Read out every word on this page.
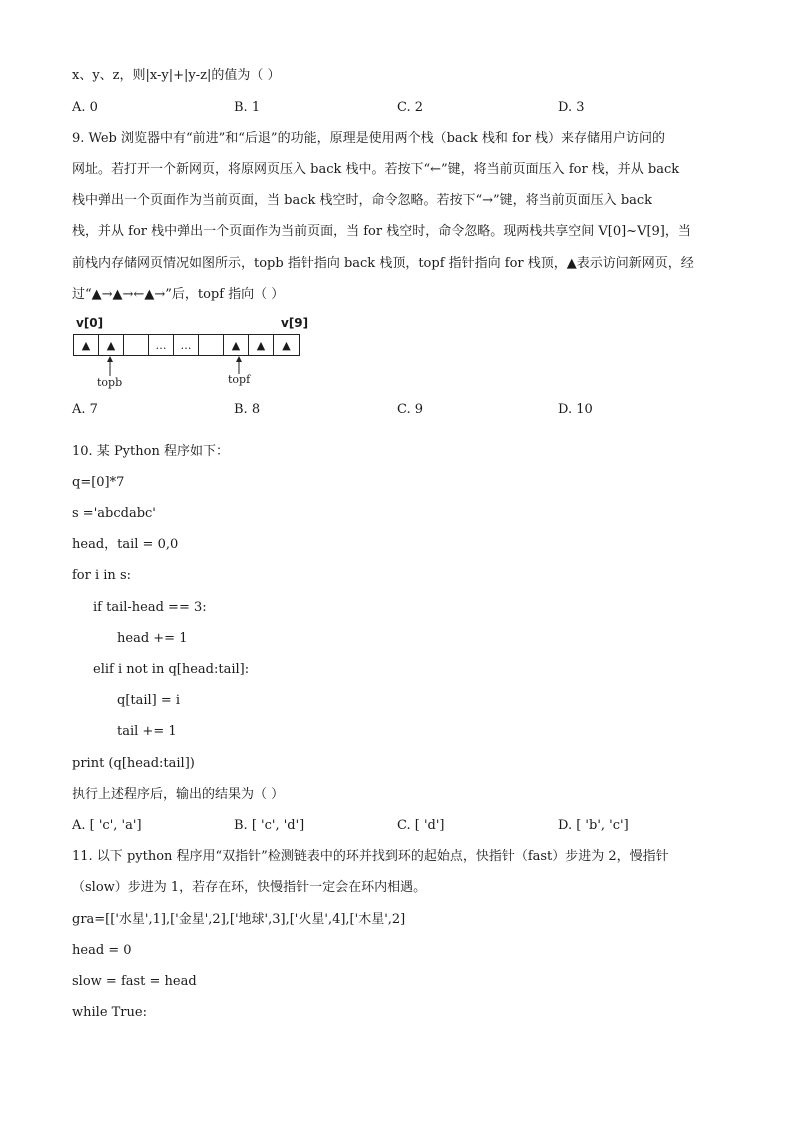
x、y、z，则|x-y|+|y-z|的值为（ ）
A. 0	B. 1	C. 2	D. 3
9. Web 浏览器中有“前进”和“后退”的功能，原理是使用两个栈（back 栈和 for 栈）来存储用户访问的
网址。若打开一个新网页，将原网页压入 back 栈中。若按下“←”键，将当前页面压入 for 栈，并从 back
栈中弹出一个页面作为当前页面，当 back 栈空时，命令忽略。若按下“→”键，将当前页面压入 back
栈，并从 for 栈中弹出一个页面作为当前页面，当 for 栈空时，命令忽略。现两栈共享空间 V[0]~V[9]，当
前栈内存储网页情况如图所示，topb 指针指向 back 栈顶，topf 指针指向 for 栈顶，▲表示访问新网页，经
过“▲→▲→←▲→”后，topf 指向（ ）
v[0]	v[9]
▲	▲	…	…	▲	▲	▲
topb	topf
A. 7	B. 8	C. 9	D. 10
10. 某 Python 程序如下：
q=[0]*7
s ='abcdabc'
head，tail = 0,0
for i in s:
if tail-head == 3:
head += 1
elif i not in q[head:tail]:
q[tail] = i
tail += 1
print (q[head:tail])
执行上述程序后，输出的结果为（ ）
A. [ 'c', 'a']	B. [ 'c', 'd']	C. [ 'd']	D. [ 'b', 'c']
11. 以下 python 程序用“双指针”检测链表中的环并找到环的起始点，快指针（fast）步进为 2，慢指针
（slow）步进为 1，若存在环，快慢指针一定会在环内相遇。
gra=[['水星',1],['金星',2],['地球',3],['火星',4],['木星',2]
head = 0
slow = fast = head
while True:
